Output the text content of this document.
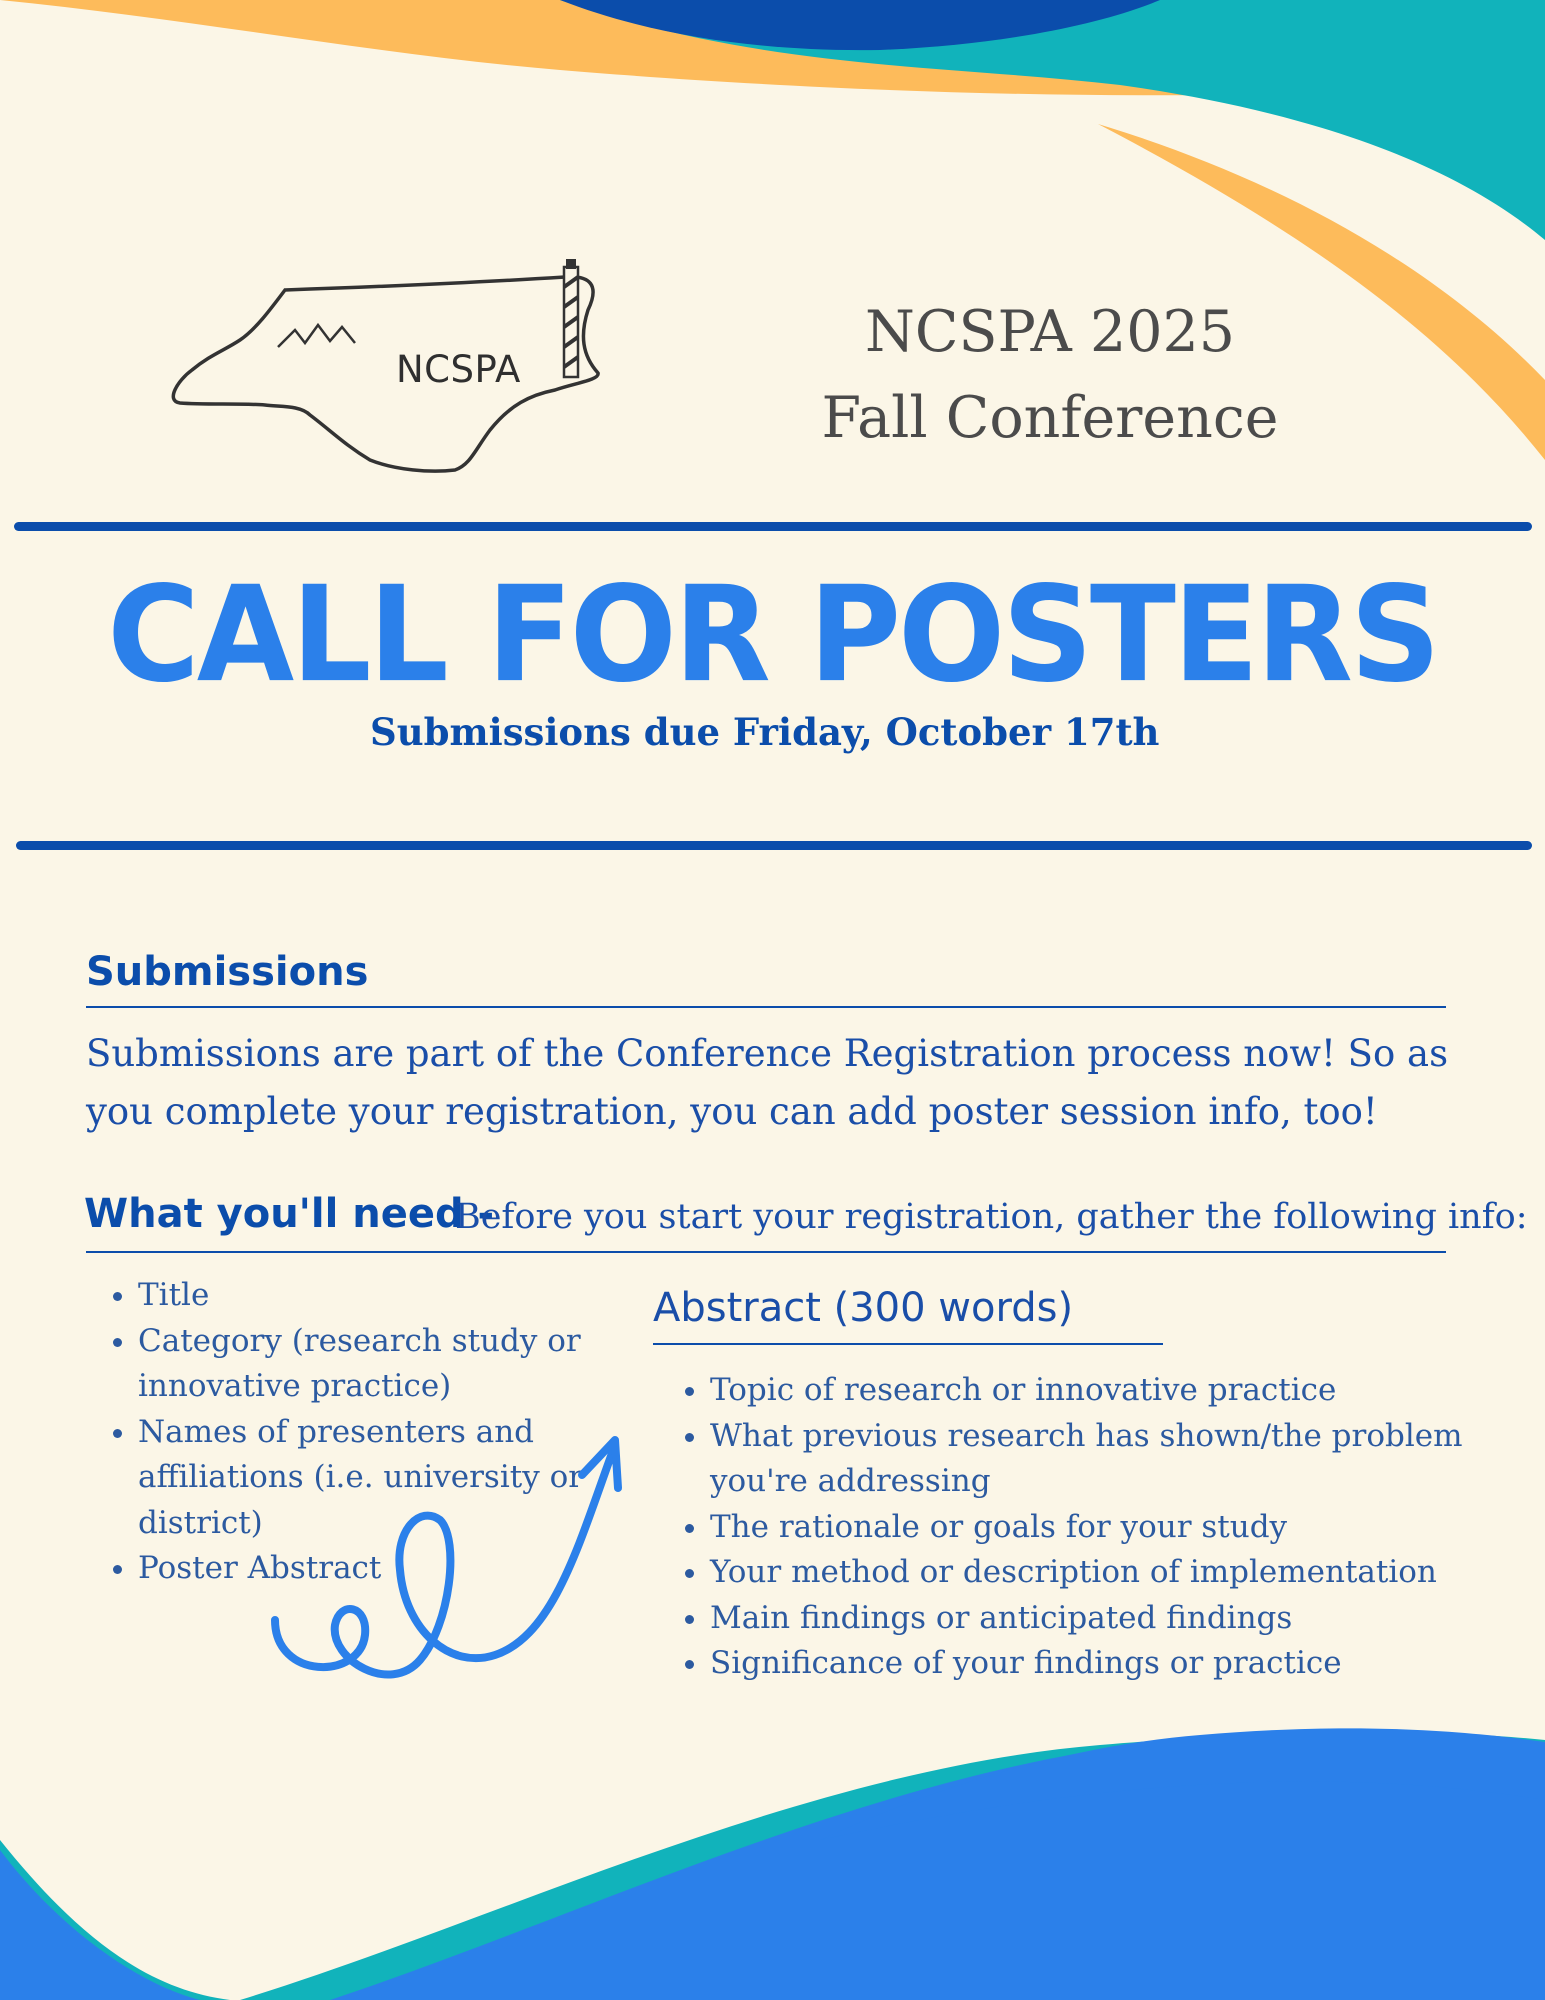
NCSPA
NCSPA 2025
Fall Conference
CALL FOR POSTERS
Submissions due Friday, October 17th
Submissions
Submissions are part of the Conference Registration process now! So as
you complete your registration, you can add poster session info, too!
What you'll need -
Before you start your registration, gather the following info:
• Title
• Category (research study or innovative practice)
• Names of presenters and affiliations (i.e. university or district)
• Poster Abstract
Abstract (300 words)
• Topic of research or innovative practice
• What previous research has shown/the problem you're addressing
• The rationale or goals for your study
• Your method or description of implementation
• Main findings or anticipated findings
• Significance of your findings or practice
